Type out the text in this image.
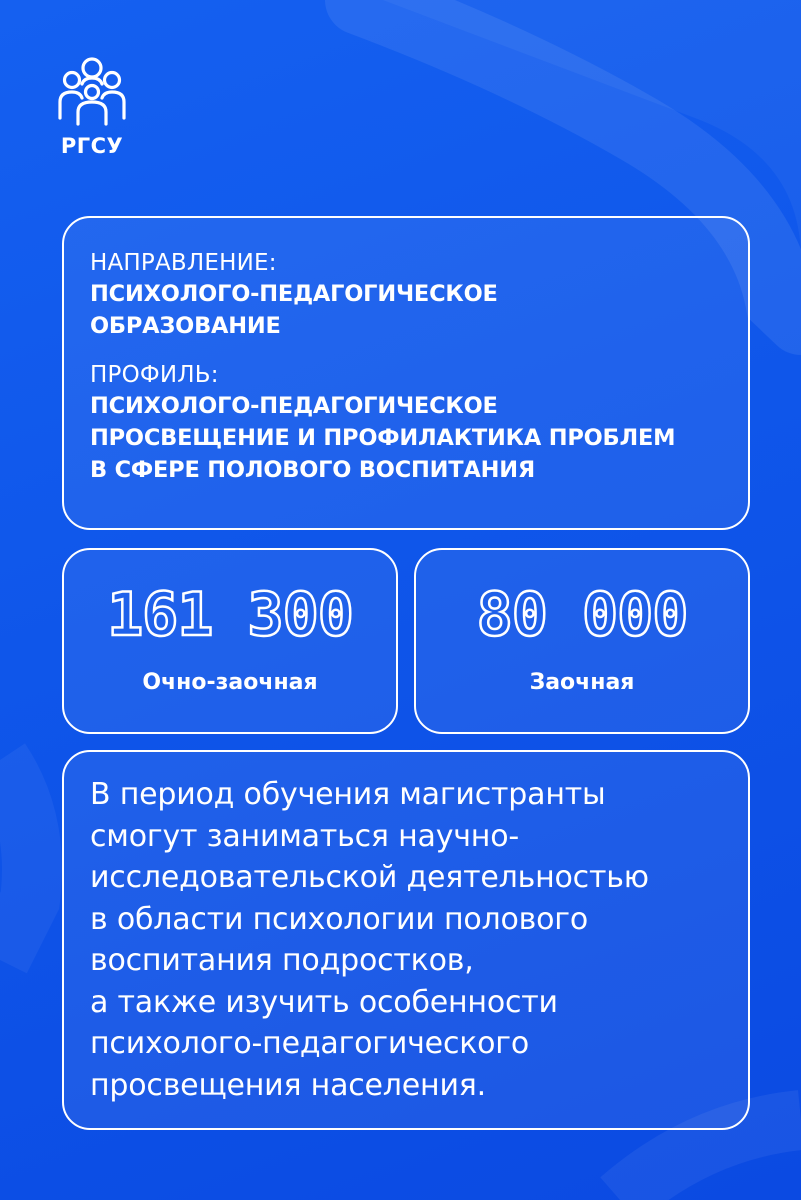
РГСУ

НАПРАВЛЕНИЕ:

ПСИХОЛОГО-ПЕДАГОГИЧЕСКОЕ

ОБРАЗОВАНИЕ

ПРОФИЛЬ:

ПСИХОЛОГО-ПЕДАГОГИЧЕСКОЕ

ПРОСВЕЩЕНИЕ И ПРОФИЛАКТИКА ПРОБЛЕМ

В СФЕРЕ ПОЛОВОГО ВОСПИТАНИЯ

161 300
Очно-заочная
80 000
Заочная

В период обучения магистранты

смогут заниматься научно-

исследовательской деятельностью

в области психологии полового

воспитания подростков,

а также изучить особенности

психолого-педагогического

просвещения населения.
